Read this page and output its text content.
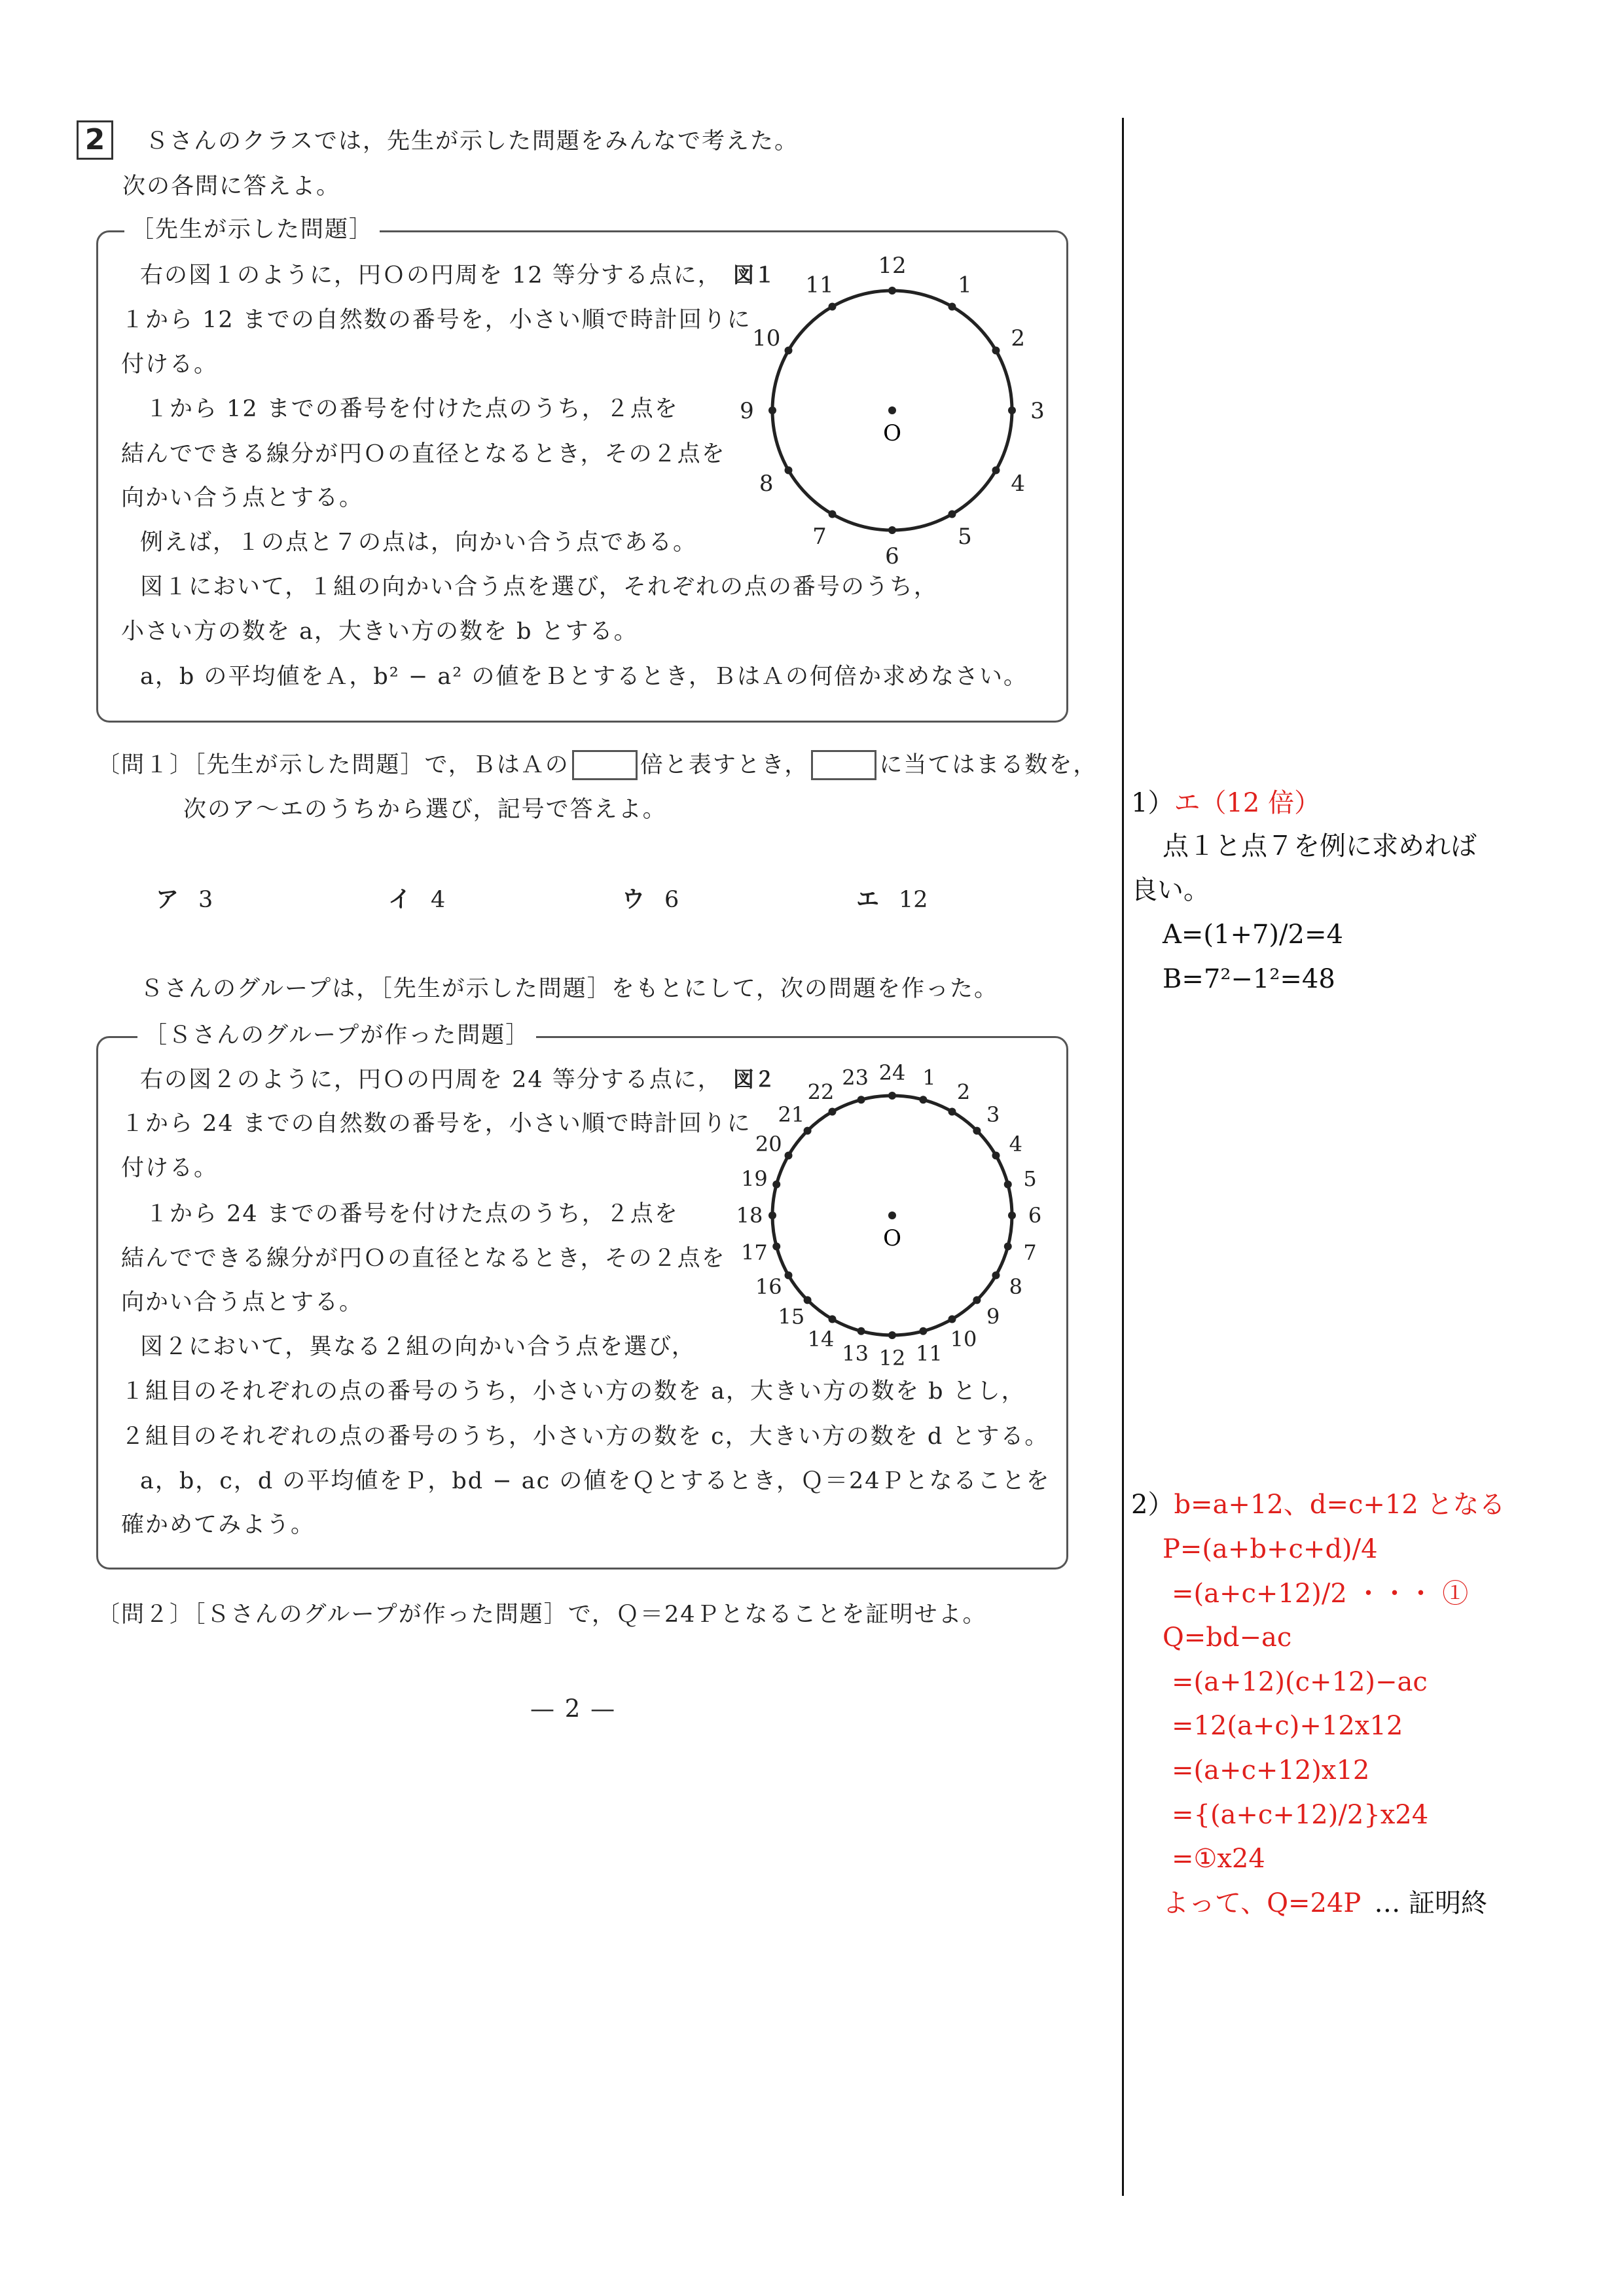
2	Ｓさんのクラスでは，先生が示した問題をみんなで考えた。
次の各問に答えよ。
［先生が示した問題］
右の図１のように，円Ｏの円周を 12 等分する点に，
１から 12 までの自然数の番号を，小さい順で時計回りに
付ける。
１から 12 までの番号を付けた点のうち，２点を
結んでできる線分が円Ｏの直径となるとき，その２点を
向かい合う点とする。
例えば，１の点と７の点は，向かい合う点である。
図１において，１組の向かい合う点を選び，それぞれの点の番号のうち，
小さい方の数を a，大きい方の数を b とする。
a，b の平均値をＡ，b² − a² の値をＢとするとき，ＢはＡの何倍か求めなさい。
図１
O
1
2
3
4
5
6
7
8
9
10
11
12
〔問１〕［先生が示した問題］で，ＢはＡの	倍と表すとき，	に当てはまる数を，
次のア〜エのうちから選び，記号で答えよ。
ア 3	イ 4	ウ 6	エ 12
Ｓさんのグループは，［先生が示した問題］をもとにして，次の問題を作った。
［Ｓさんのグループが作った問題］
右の図２のように，円Ｏの円周を 24 等分する点に，
１から 24 までの自然数の番号を，小さい順で時計回りに
付ける。
１から 24 までの番号を付けた点のうち，２点を
結んでできる線分が円Ｏの直径となるとき，その２点を
向かい合う点とする。
図２において，異なる２組の向かい合う点を選び，
１組目のそれぞれの点の番号のうち，小さい方の数を a，大きい方の数を b とし，
２組目のそれぞれの点の番号のうち，小さい方の数を c，大きい方の数を d とする。
a，b，c，d の平均値をＰ，bd − ac の値をＱとするとき，Ｑ＝24Ｐとなることを
確かめてみよう。
図２
O
1
2
3
4
5
6
7
8
9
10
11
12
13
14
15
16
17
18
19
20
21
22
23 24
〔問２〕［Ｓさんのグループが作った問題］で，Ｑ＝24Ｐとなることを証明せよ。
— 2 —
1）エ（12 倍）
点１と点７を例に求めれば
良い。
A=(1+7)/2=4
B=7²−1²=48
2）b=a+12、d=c+12 となる
P=(a+b+c+d)/4
=(a+c+12)/2 ・・・ ①
Q=bd−ac
=(a+12)(c+12)−ac
=12(a+c)+12x12
=(a+c+12)x12
={(a+c+12)/2}x24
=①x24
よって、Q=24P … 証明終
